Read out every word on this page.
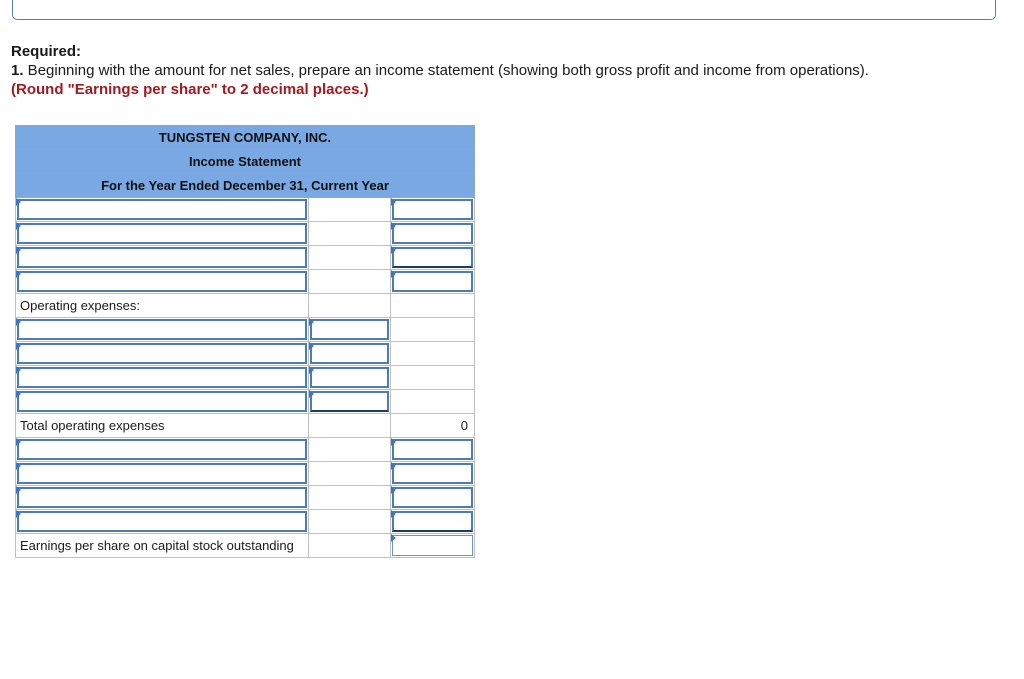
Required:
1. Beginning with the amount for net sales, prepare an income statement (showing both gross profit and income from operations).
(Round "Earnings per share" to 2 decimal places.)
TUNGSTEN COMPANY, INC.		
Income Statement		
For the Year Ended December 31, Current Year		

Operating expenses:		

Total operating expenses		0

Earnings per share on capital stock outstanding		
